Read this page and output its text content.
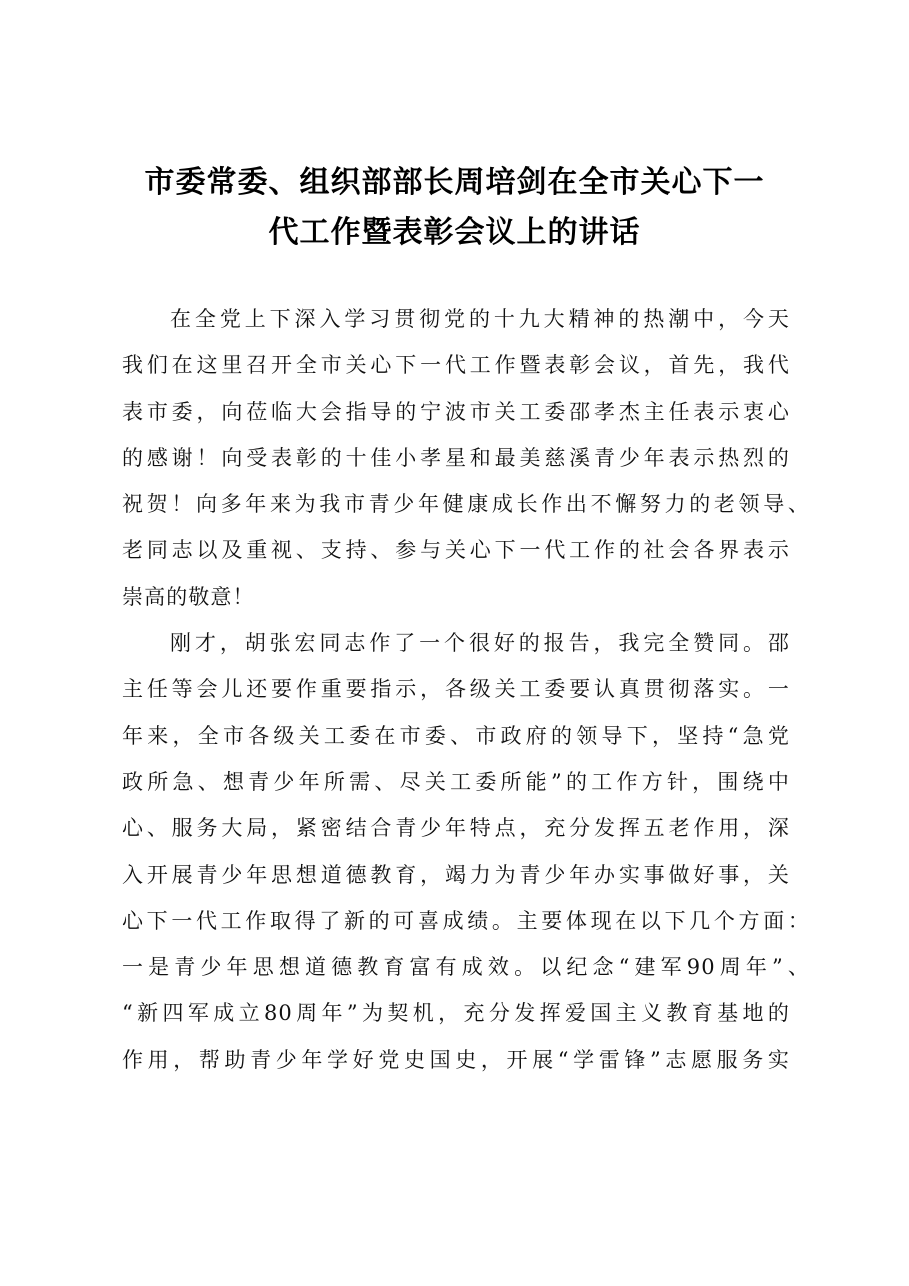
市委常委、组织部部长周培剑在全市关心下一
代工作暨表彰会议上的讲话
在全党上下深入学习贯彻党的十九大精神的热潮中，今天
我们在这里召开全市关心下一代工作暨表彰会议，首先，我代
表市委，向莅临大会指导的宁波市关工委邵孝杰主任表示衷心
的感谢！向受表彰的十佳小孝星和最美慈溪青少年表示热烈的
祝贺！向多年来为我市青少年健康成长作出不懈努力的老领导、
老同志以及重视、支持、参与关心下一代工作的社会各界表示
崇高的敬意！
刚才，胡张宏同志作了一个很好的报告，我完全赞同。邵
主任等会儿还要作重要指示，各级关工委要认真贯彻落实。一
年来，全市各级关工委在市委、市政府的领导下，坚持“急党
政所急、想青少年所需、尽关工委所能”的工作方针，围绕中
心、服务大局，紧密结合青少年特点，充分发挥五老作用，深
入开展青少年思想道德教育，竭力为青少年办实事做好事，关
心下一代工作取得了新的可喜成绩。主要体现在以下几个方面：
一是青少年思想道德教育富有成效。以纪念“建军90周年”、
“新四军成立80周年”为契机，充分发挥爱国主义教育基地的
作用，帮助青少年学好党史国史，开展“学雷锋”志愿服务实
